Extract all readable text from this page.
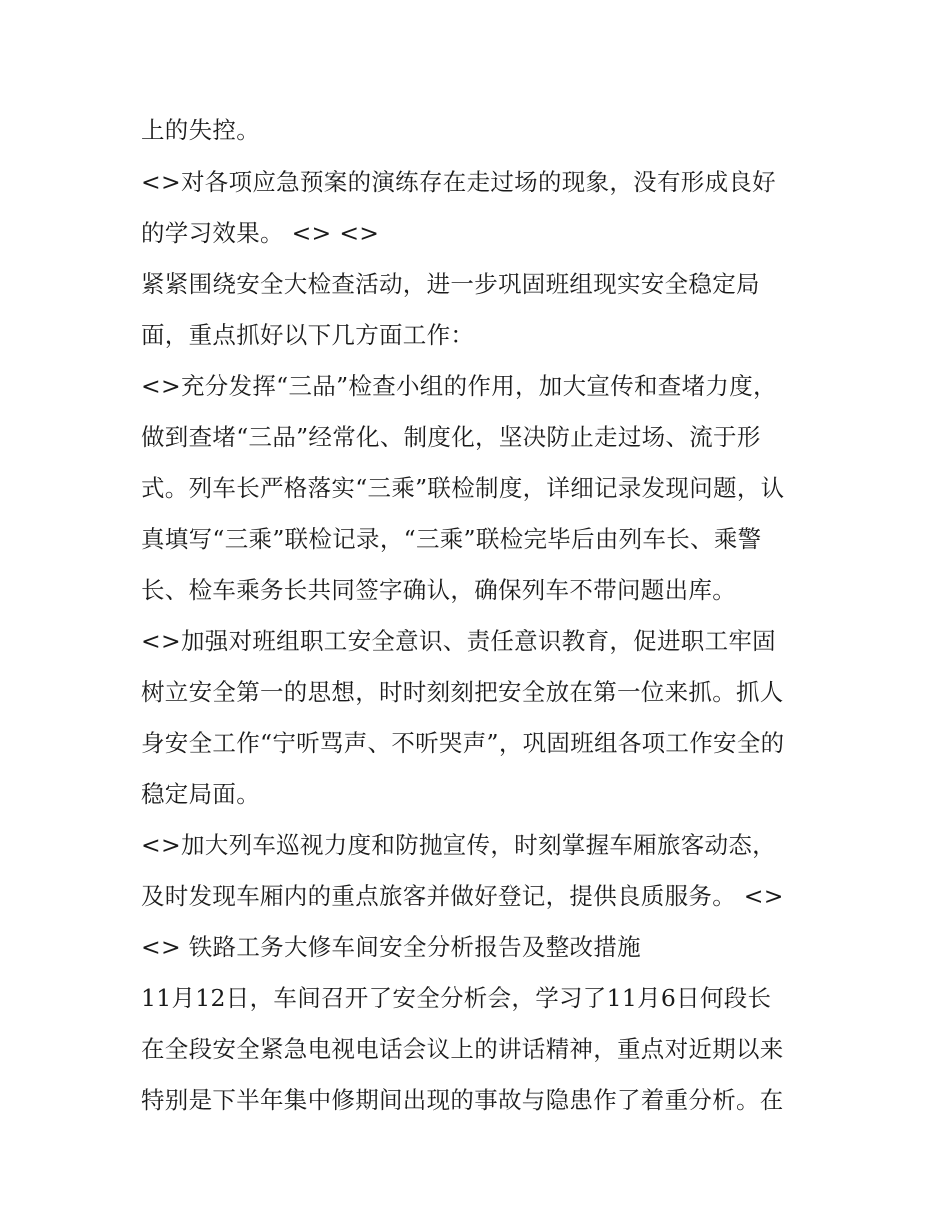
上的失控。
<>对各项应急预案的演练存在走过场的现象，没有形成良好
的学习效果。 <> <>
紧紧围绕安全大检查活动，进一步巩固班组现实安全稳定局
面，重点抓好以下几方面工作：
<>充分发挥“三品”检查小组的作用，加大宣传和查堵力度，
做到查堵“三品”经常化、制度化，坚决防止走过场、流于形
式。列车长严格落实“三乘”联检制度，详细记录发现问题，认
真填写“三乘”联检记录，“三乘”联检完毕后由列车长、乘警
长、检车乘务长共同签字确认，确保列车不带问题出库。
<>加强对班组职工安全意识、责任意识教育，促进职工牢固
树立安全第一的思想，时时刻刻把安全放在第一位来抓。抓人
身安全工作“宁听骂声、不听哭声”，巩固班组各项工作安全的
稳定局面。
<>加大列车巡视力度和防抛宣传，时刻掌握车厢旅客动态，
及时发现车厢内的重点旅客并做好登记，提供良质服务。 <>
<> 铁路工务大修车间安全分析报告及整改措施
11月12日，车间召开了安全分析会，学习了11月6日何段长
在全段安全紧急电视电话会议上的讲话精神，重点对近期以来
特别是下半年集中修期间出现的事故与隐患作了着重分析。在
